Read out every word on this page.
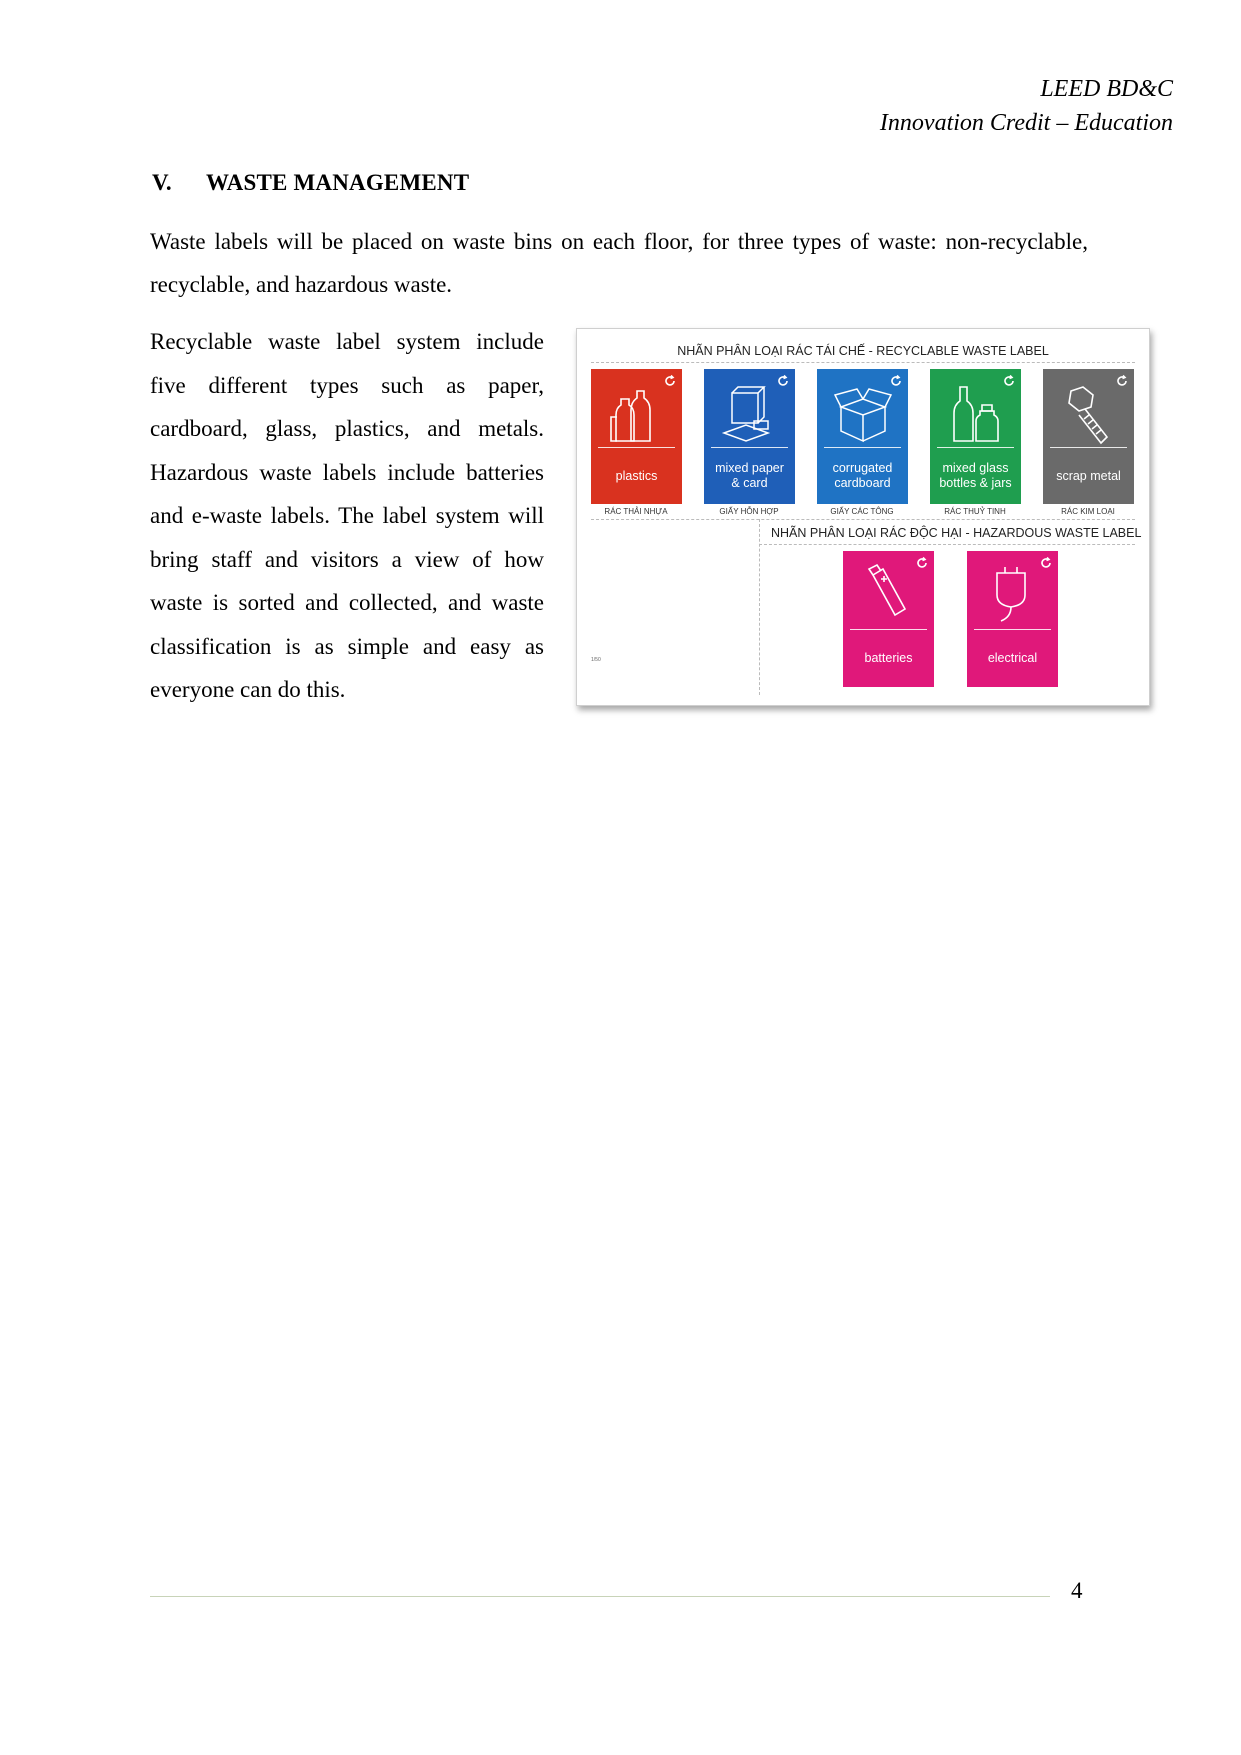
LEED BD&C
Innovation Credit – Education
V. WASTE MANAGEMENT
Waste labels will be placed on waste bins on each floor, for three types of waste: non-recyclable, recyclable, and hazardous waste.
Recyclable waste label system include five different types such as paper, cardboard, glass, plastics, and metals. Hazardous waste labels include batteries and e-waste labels. The label system will bring staff and visitors a view of how waste is sorted and collected, and waste classification is as simple and easy as everyone can do this.
NHÃN PHÂN LOẠI RÁC TÁI CHẾ - RECYCLABLE WASTE LABEL
plastics
mixed paper
& card
corrugated
cardboard
mixed glass
bottles & jars
scrap metal
RÁC THẢI NHỰA	GIẤY HỖN HỢP	GIẤY CÁC TÔNG	RÁC THUỶ TINH	RÁC KIM LOẠI
NHÃN PHÂN LOẠI RÁC ĐỘC HẠI - HAZARDOUS WASTE LABEL
batteries	electrical
1/50
4
